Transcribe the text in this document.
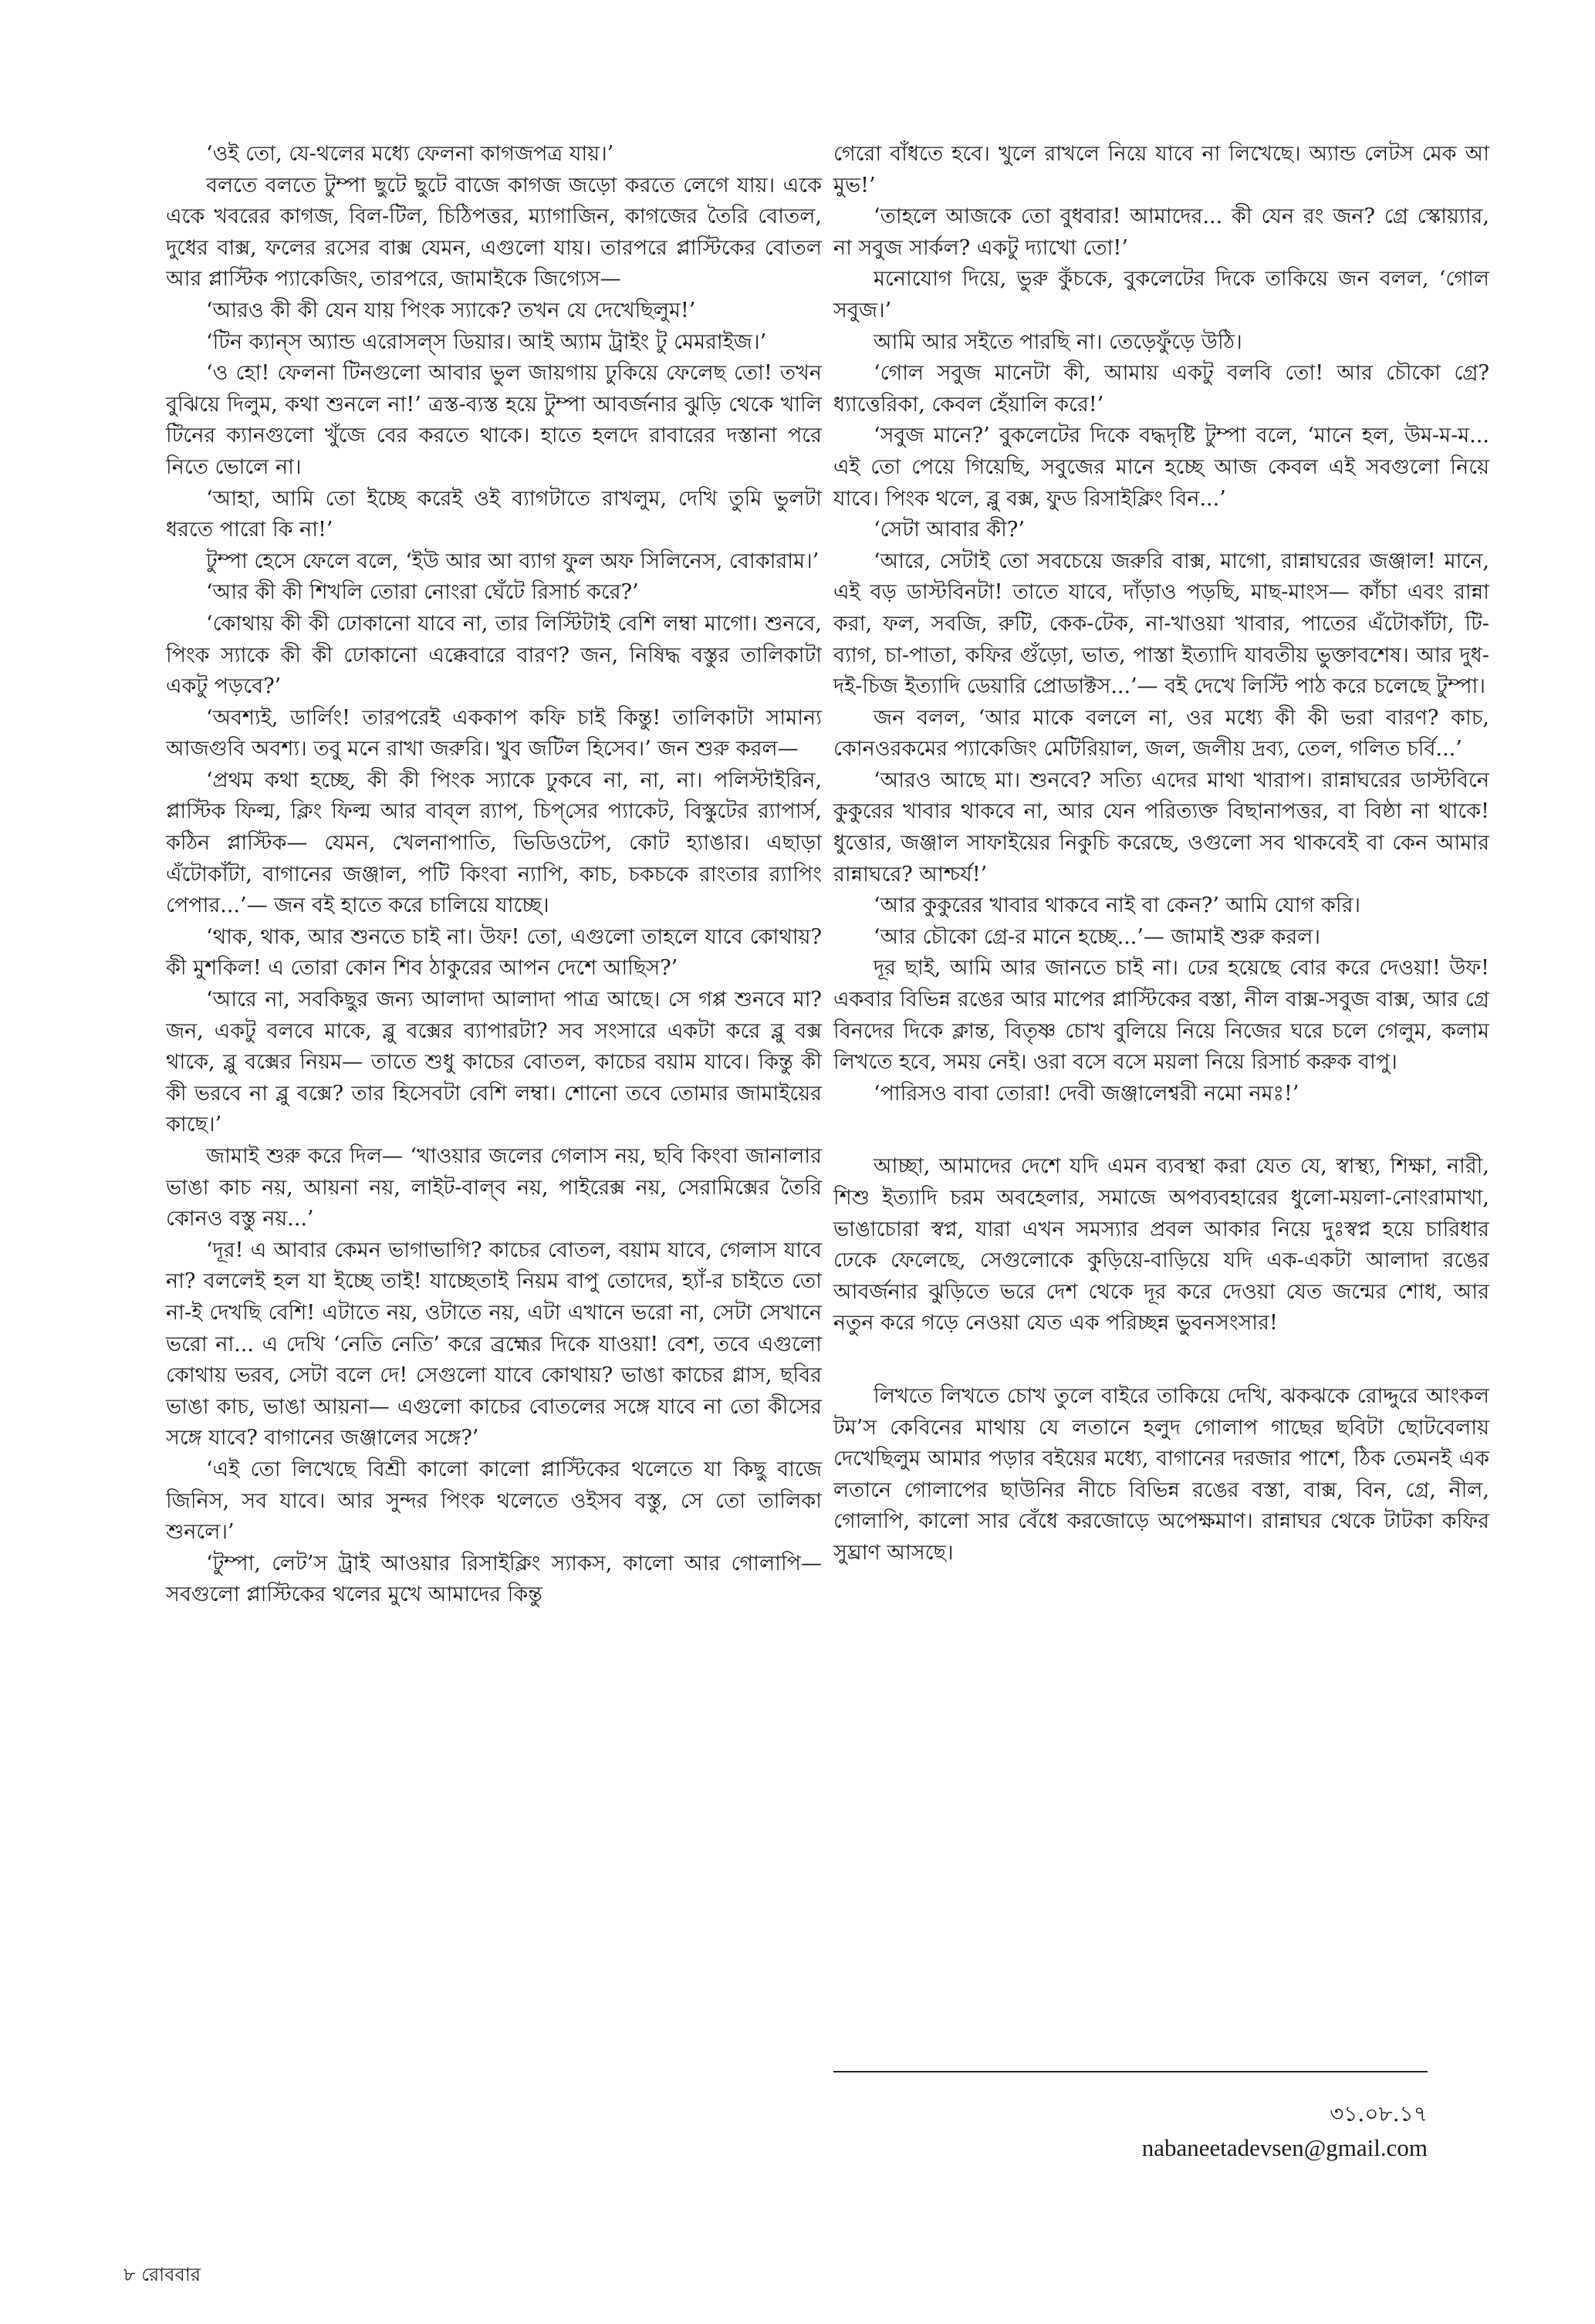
‘ওই তো, যে-থলের মধ্যে ফেলনা কাগজপত্র যায়।’

বলতে বলতে টুম্পা ছুটে ছুটে বাজে কাগজ জড়ো করতে লেগে যায়। একে একে খবরের কাগজ, বিল-টিল, চিঠিপত্তর, ম্যাগাজিন, কাগজের তৈরি বোতল, দুধের বাক্স, ফলের রসের বাক্স যেমন, এগুলো যায়। তারপরে প্লাস্টিকের বোতল আর প্লাস্টিক প্যাকেজিং, তারপরে, জামাইকে জিগ্যেস—

‘আরও কী কী যেন যায় পিংক স্যাকে? তখন যে দেখেছিলুম!’

‘টিন ক্যান্‌স অ্যান্ড এরোসল্‌স ডিয়ার। আই অ্যাম ট্রাইং টু মেমরাইজ।’

‘ও হো! ফেলনা টিনগুলো আবার ভুল জায়গায় ঢুকিয়ে ফেলেছ তো! তখন বুঝিয়ে দিলুম, কথা শুনলে না!’ ত্রস্ত-ব্যস্ত হয়ে টুম্পা আবর্জনার ঝুড়ি থেকে খালি টিনের ক্যানগুলো খুঁজে বের করতে থাকে। হাতে হলদে রাবারের দস্তানা পরে নিতে ভোলে না।

‘আহা, আমি তো ইচ্ছে করেই ওই ব্যাগটাতে রাখলুম, দেখি তুমি ভুলটা ধরতে পারো কি না!’

টুম্পা হেসে ফেলে বলে, ‘ইউ আর আ ব্যাগ ফুল অফ সিলিনেস, বোকারাম।’

‘আর কী কী শিখলি তোরা নোংরা ঘেঁটে রিসার্চ করে?’

‘কোথায় কী কী ঢোকানো যাবে না, তার লিস্টিটাই বেশি লম্বা মাগো। শুনবে, পিংক স্যাকে কী কী ঢোকানো এক্কেবারে বারণ? জন, নিষিদ্ধ বস্তুর তালিকাটা একটু পড়বে?’

‘অবশ্যই, ডার্লিং! তারপরেই এককাপ কফি চাই কিন্তু! তালিকাটা সামান্য আজগুবি অবশ্য। তবু মনে রাখা জরুরি। খুব জটিল হিসেব।’ জন শুরু করল—

‘প্রথম কথা হচ্ছে, কী কী পিংক স্যাকে ঢুকবে না, না, না। পলিস্টাইরিন, প্লাস্টিক ফিল্ম, ক্লিং ফিল্ম আর বাব্‌ল র‍্যাপ, চিপ্‌সের প্যাকেট, বিস্কুটের র‍্যাপার্স, কঠিন প্লাস্টিক— যেমন, খেলনাপাতি, ভিডিওটেপ, কোট হ্যাঙার। এছাড়া এঁটোকাঁটা, বাগানের জঞ্জাল, পটি কিংবা ন্যাপি, কাচ, চকচকে রাংতার র‍্যাপিং পেপার...’— জন বই হাতে করে চালিয়ে যাচ্ছে।

‘থাক, থাক, আর শুনতে চাই না। উফ! তো, এগুলো তাহলে যাবে কোথায়? কী মুশকিল! এ তোরা কোন শিব ঠাকুরের আপন দেশে আছিস?’

‘আরে না, সবকিছুর জন্য আলাদা আলাদা পাত্র আছে। সে গপ্প শুনবে মা? জন, একটু বলবে মাকে, ব্লু বক্সের ব্যাপারটা? সব সংসারে একটা করে ব্লু বক্স থাকে, ব্লু বক্সের নিয়ম— তাতে শুধু কাচের বোতল, কাচের বয়াম যাবে। কিন্তু কী কী ভরবে না ব্লু বক্সে? তার হিসেবটা বেশি লম্বা। শোনো তবে তোমার জামাইয়ের কাছে।’

জামাই শুরু করে দিল— ‘খাওয়ার জলের গেলাস নয়, ছবি কিংবা জানালার ভাঙা কাচ নয়, আয়না নয়, লাইট-বাল্‌ব নয়, পাইরেক্স নয়, সেরামিক্সের তৈরি কোনও বস্তু নয়...’

‘দূর! এ আবার কেমন ভাগাভাগি? কাচের বোতল, বয়াম যাবে, গেলাস যাবে না? বললেই হল যা ইচ্ছে তাই! যাচ্ছেতাই নিয়ম বাপু তোদের, হ্যাঁ-র চাইতে তো না-ই দেখছি বেশি! এটাতে নয়, ওটাতে নয়, এটা এখানে ভরো না, সেটা সেখানে ভরো না... এ দেখি ‘নেতি নেতি’ করে ব্রহ্মের দিকে যাওয়া! বেশ, তবে এগুলো কোথায় ভরব, সেটা বলে দে! সেগুলো যাবে কোথায়? ভাঙা কাচের গ্লাস, ছবির ভাঙা কাচ, ভাঙা আয়না— এগুলো কাচের বোতলের সঙ্গে যাবে না তো কীসের সঙ্গে যাবে? বাগানের জঞ্জালের সঙ্গে?’

‘এই তো লিখেছে বিশ্রী কালো কালো প্লাস্টিকের থলেতে যা কিছু বাজে জিনিস, সব যাবে। আর সুন্দর পিংক থলেতে ওইসব বস্তু, সে তো তালিকা শুনলে।’

‘টুম্পা, লেট’স ট্রাই আওয়ার রিসাইক্লিং স্যাকস, কালো আর গোলাপি— সবগুলো প্লাস্টিকের থলের মুখে আমাদের কিন্তু

গেরো বাঁধতে হবে। খুলে রাখলে নিয়ে যাবে না লিখেছে। অ্যান্ড লেটস মেক আ মুভ!’

‘তাহলে আজকে তো বুধবার! আমাদের... কী যেন রং জন? গ্রে স্কোয়্যার, না সবুজ সার্কল? একটু দ্যাখো তো!’

মনোযোগ দিয়ে, ভুরু কুঁচকে, বুকলেটের দিকে তাকিয়ে জন বলল, ‘গোল সবুজ।’

আমি আর সইতে পারছি না। তেড়েফুঁড়ে উঠি।

‘গোল সবুজ মানেটা কী, আমায় একটু বলবি তো! আর চৌকো গ্রে? ধ্যাত্তেরিকা, কেবল হেঁয়ালি করে!’

‘সবুজ মানে?’ বুকলেটের দিকে বদ্ধদৃষ্টি টুম্পা বলে, ‘মানে হল, উম-ম-ম... এই তো পেয়ে গিয়েছি, সবুজের মানে হচ্ছে আজ কেবল এই সবগুলো নিয়ে যাবে। পিংক থলে, ব্লু বক্স, ফুড রিসাইক্লিং বিন...’

‘সেটা আবার কী?’

‘আরে, সেটাই তো সবচেয়ে জরুরি বাক্স, মাগো, রান্নাঘরের জঞ্জাল! মানে, এই বড় ডাস্টবিনটা! তাতে যাবে, দাঁড়াও পড়ছি, মাছ-মাংস— কাঁচা এবং রান্না করা, ফল, সবজি, রুটি, কেক-টেক, না-খাওয়া খাবার, পাতের এঁটোকাঁটা, টি-ব্যাগ, চা-পাতা, কফির গুঁড়ো, ভাত, পাস্তা ইত্যাদি যাবতীয় ভুক্তাবশেষ। আর দুধ-দই-চিজ ইত্যাদি ডেয়ারি প্রোডাক্টস...’— বই দেখে লিস্টি পাঠ করে চলেছে টুম্পা।

জন বলল, ‘আর মাকে বললে না, ওর মধ্যে কী কী ভরা বারণ? কাচ, কোনওরকমের প্যাকেজিং মেটিরিয়াল, জল, জলীয় দ্রব্য, তেল, গলিত চর্বি...’

‘আরও আছে মা। শুনবে? সত্যি এদের মাথা খারাপ। রান্নাঘরের ডাস্টবিনে কুকুরের খাবার থাকবে না, আর যেন পরিত্যক্ত বিছানাপত্তর, বা বিষ্ঠা না থাকে! ধুত্তোর, জঞ্জাল সাফাইয়ের নিকুচি করেছে, ওগুলো সব থাকবেই বা কেন আমার রান্নাঘরে? আশ্চর্য!’

‘আর কুকুরের খাবার থাকবে নাই বা কেন?’ আমি যোগ করি।

‘আর চৌকো গ্রে-র মানে হচ্ছে...’— জামাই শুরু করল।

দূর ছাই, আমি আর জানতে চাই না। ঢের হয়েছে বোর করে দেওয়া! উফ! একবার বিভিন্ন রঙের আর মাপের প্লাস্টিকের বস্তা, নীল বাক্স-সবুজ বাক্স, আর গ্রে বিনদের দিকে ক্লান্ত, বিতৃষ্ণ চোখ বুলিয়ে নিয়ে নিজের ঘরে চলে গেলুম, কলাম লিখতে হবে, সময় নেই। ওরা বসে বসে ময়লা নিয়ে রিসার্চ করুক বাপু।

‘পারিসও বাবা তোরা! দেবী জঞ্জালেশ্বরী নমো নমঃ!’

আচ্ছা, আমাদের দেশে যদি এমন ব্যবস্থা করা যেত যে, স্বাস্থ্য, শিক্ষা, নারী, শিশু ইত্যাদি চরম অবহেলার, সমাজে অপব্যবহারের ধুলো-ময়লা-নোংরামাখা, ভাঙাচোরা স্বপ্ন, যারা এখন সমস্যার প্রবল আকার নিয়ে দুঃস্বপ্ন হয়ে চারিধার ঢেকে ফেলেছে, সেগুলোকে কুড়িয়ে-বাড়িয়ে যদি এক-একটা আলাদা রঙের আবর্জনার ঝুড়িতে ভরে দেশ থেকে দূর করে দেওয়া যেত জন্মের শোধ, আর নতুন করে গড়ে নেওয়া যেত এক পরিচ্ছন্ন ভুবনসংসার!

লিখতে লিখতে চোখ তুলে বাইরে তাকিয়ে দেখি, ঝকঝকে রোদ্দুরে আংকল টম’স কেবিনের মাথায় যে লতানে হলুদ গোলাপ গাছের ছবিটা ছোটবেলায় দেখেছিলুম আমার পড়ার বইয়ের মধ্যে, বাগানের দরজার পাশে, ঠিক তেমনই এক লতানে গোলাপের ছাউনির নীচে বিভিন্ন রঙের বস্তা, বাক্স, বিন, গ্রে, নীল, গোলাপি, কালো সার বেঁধে করজোড়ে অপেক্ষমাণ। রান্নাঘর থেকে টাটকা কফির সুঘ্রাণ আসছে।

৩১.০৮.১৭
nabaneetadevsen@gmail.com
৮ রোববার
